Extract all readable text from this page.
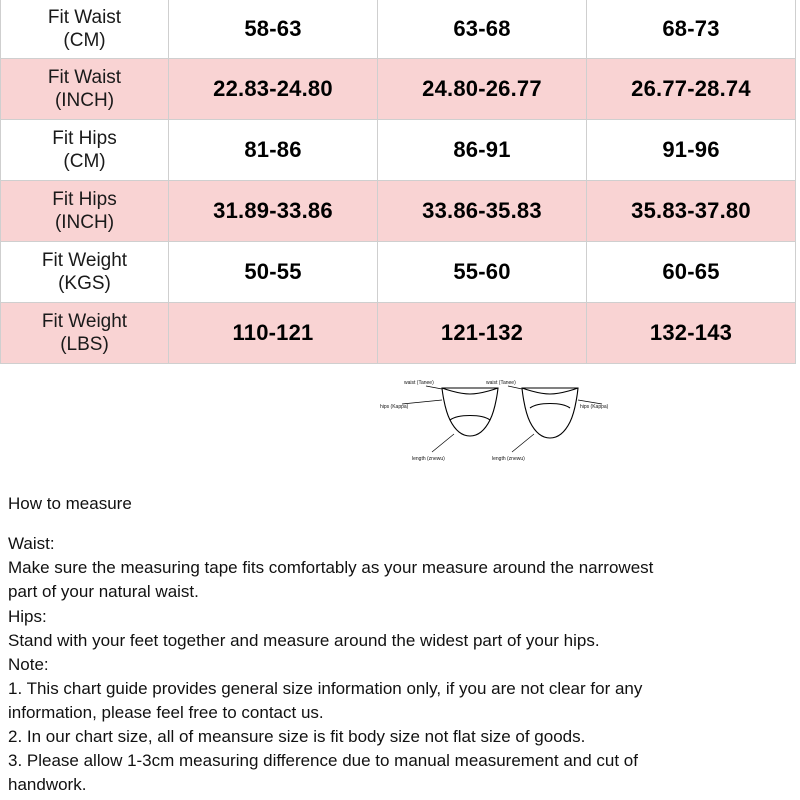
Fit Waist
(CM)	58-63	63-68	68-73

Fit Waist
(INCH)	22.83-24.80	24.80-26.77	26.77-28.74

Fit Hips
(CM)	81-86	86-91	91-96

Fit Hips
(INCH)	31.89-33.86	33.86-35.83	35.83-37.80

Fit Weight
(KGS)	50-55	55-60	60-65

Fit Weight
(LBS)	110-121	121-132	132-143
waist (Tanee)
hips (Kappa)
length (znewu)
waist (Tanee)
hips (Kappa)
length (znewu)

How to measure

Waist:

Make sure the measuring tape fits comfortably as your measure around the narrowest

part of your natural waist.

Hips:

Stand with your feet together and measure around the widest part of your hips.

Note:

1. This chart guide provides general size information only, if you are not clear for any

information, please feel free to contact us.

2. In our chart size, all of meansure size is fit body size not flat size of goods.

3. Please allow 1-3cm measuring difference due to manual measurement and cut of

handwork.
